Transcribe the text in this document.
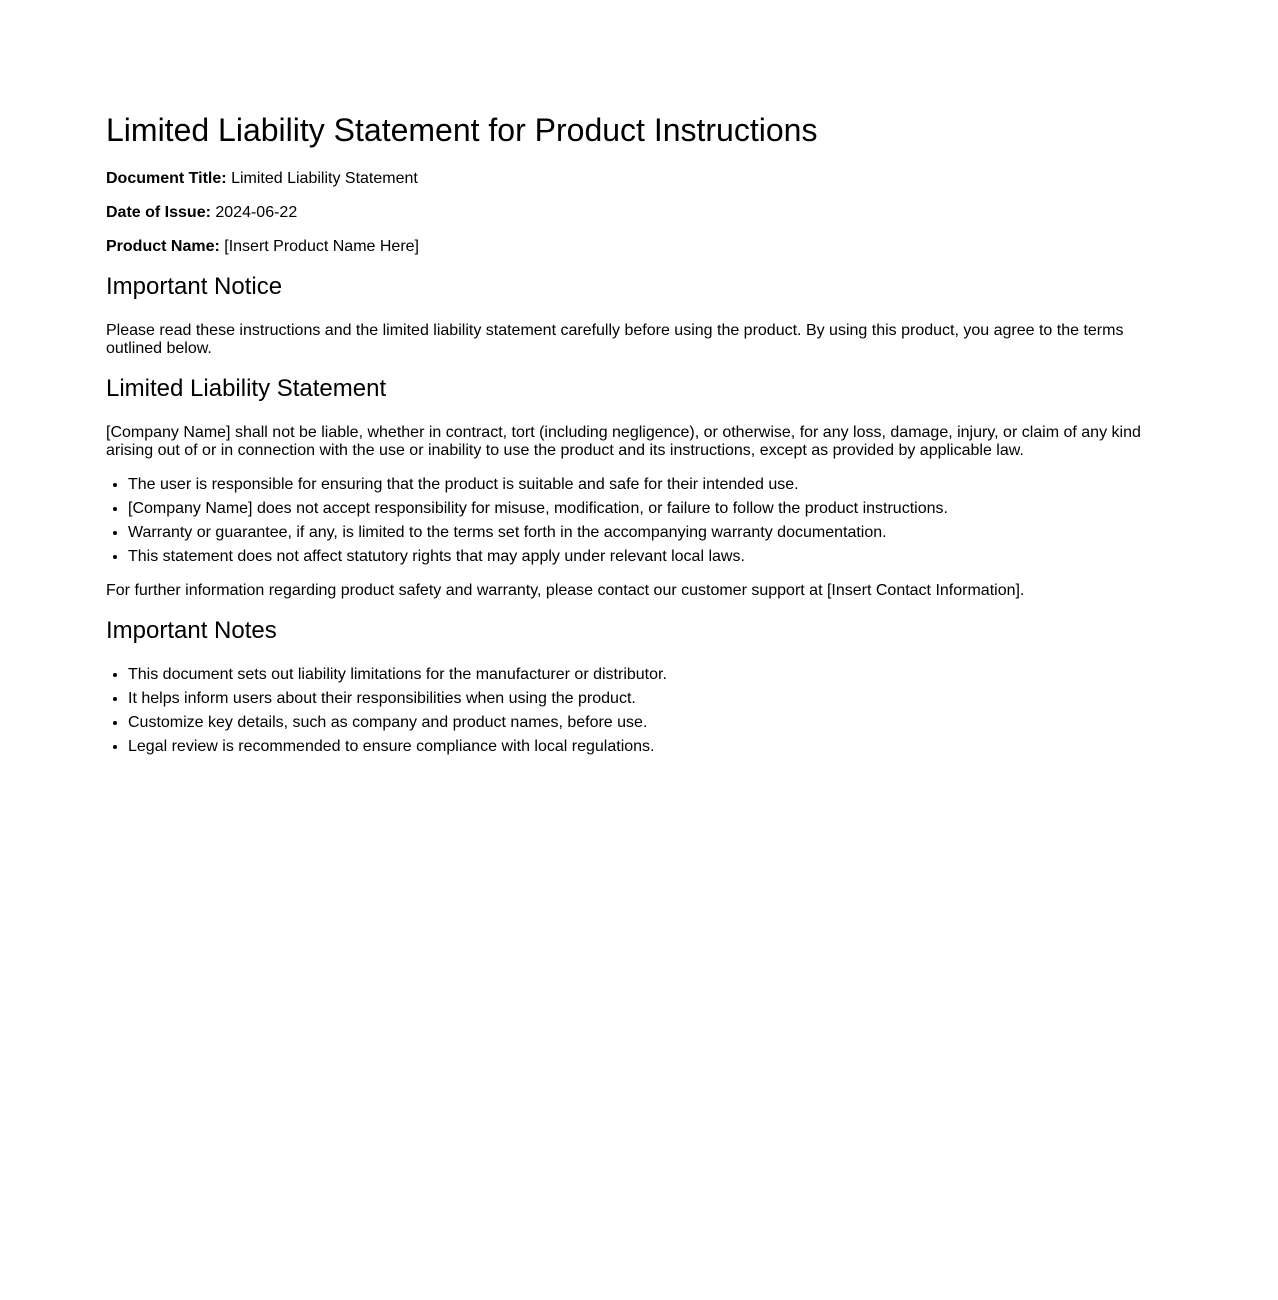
Limited Liability Statement for Product Instructions

Document Title: Limited Liability Statement

Date of Issue: 2024-06-22

Product Name: [Insert Product Name Here]

Important Notice

Please read these instructions and the limited liability statement carefully before using the product. By using this product, you agree to the terms outlined below.

Limited Liability Statement

[Company Name] shall not be liable, whether in contract, tort (including negligence), or otherwise, for any loss, damage, injury, or claim of any kind arising out of or in connection with the use or inability to use the product and its instructions, except as provided by applicable law.

• The user is responsible for ensuring that the product is suitable and safe for their intended use.
• [Company Name] does not accept responsibility for misuse, modification, or failure to follow the product instructions.
• Warranty or guarantee, if any, is limited to the terms set forth in the accompanying warranty documentation.
• This statement does not affect statutory rights that may apply under relevant local laws.

For further information regarding product safety and warranty, please contact our customer support at [Insert Contact Information].

Important Notes
• This document sets out liability limitations for the manufacturer or distributor.
• It helps inform users about their responsibilities when using the product.
• Customize key details, such as company and product names, before use.
• Legal review is recommended to ensure compliance with local regulations.
